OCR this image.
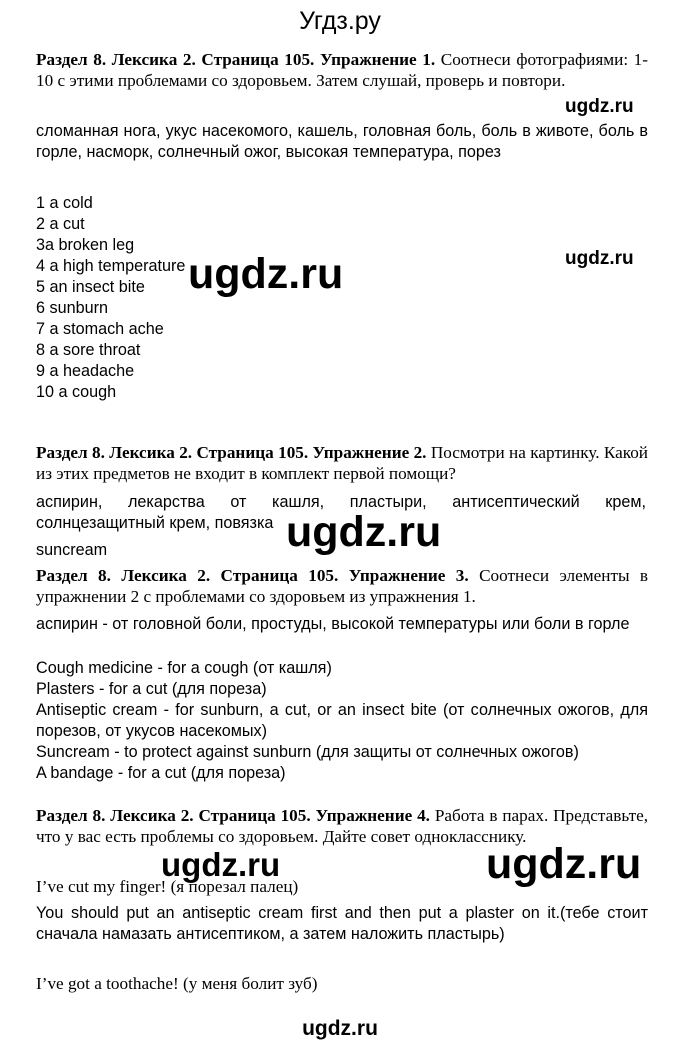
Угдз.ру

Раздел 8. Лексика 2. Страница 105. Упражнение 1. Соотнеси фотографиями: 1-10 с этими проблемами со здоровьем. Затем слушай, проверь и повтори.

ugdz.ru

сломанная нога, укус насекомого, кашель, головная боль, боль в животе, боль в горле, насморк, солнечный ожог, высокая температура, порез

1 a cold
2 a cut
3a broken leg
4 a high temperature
5 an insect bite
6 sunburn
7 a stomach ache
8 a sore throat
9 a headache
10 a cough
ugdz.ru
ugdz.ru

Раздел 8. Лексика 2. Страница 105. Упражнение 2. Посмотри на картинку. Какой из этих предметов не входит в комплект первой помощи?

аспирин, лекарства от кашля, пластыри, антисептический крем, солнцезащитный крем, повязка ugdz.ru

suncream

Раздел 8. Лексика 2. Страница 105. Упражнение 3. Соотнеси элементы в упражнении 2 с проблемами со здоровьем из упражнения 1.

аспирин - от головной боли, простуды, высокой температуры или боли в горле

Cough medicine - for a cough (от кашля)
Plasters - for a cut (для пореза)
Antiseptic cream - for sunburn, a cut, or an insect bite (от солнечных ожогов, для порезов, от укусов насекомых)
Suncream - to protect against sunburn (для защиты от солнечных ожогов)
A bandage - for a cut (для пореза)

Раздел 8. Лексика 2. Страница 105. Упражнение 4. Работа в парах. Представьте, что у вас есть проблемы со здоровьем. Дайте совет однокласснику.

ugdz.ru	ugdz.ru

I’ve cut my finger! (я порезал палец)

You should put an antiseptic cream first and then put a plaster on it.(тебе стоит сначала намазать антисептиком, а затем наложить пластырь)

I’ve got a toothache! (у меня болит зуб)

ugdz.ru
